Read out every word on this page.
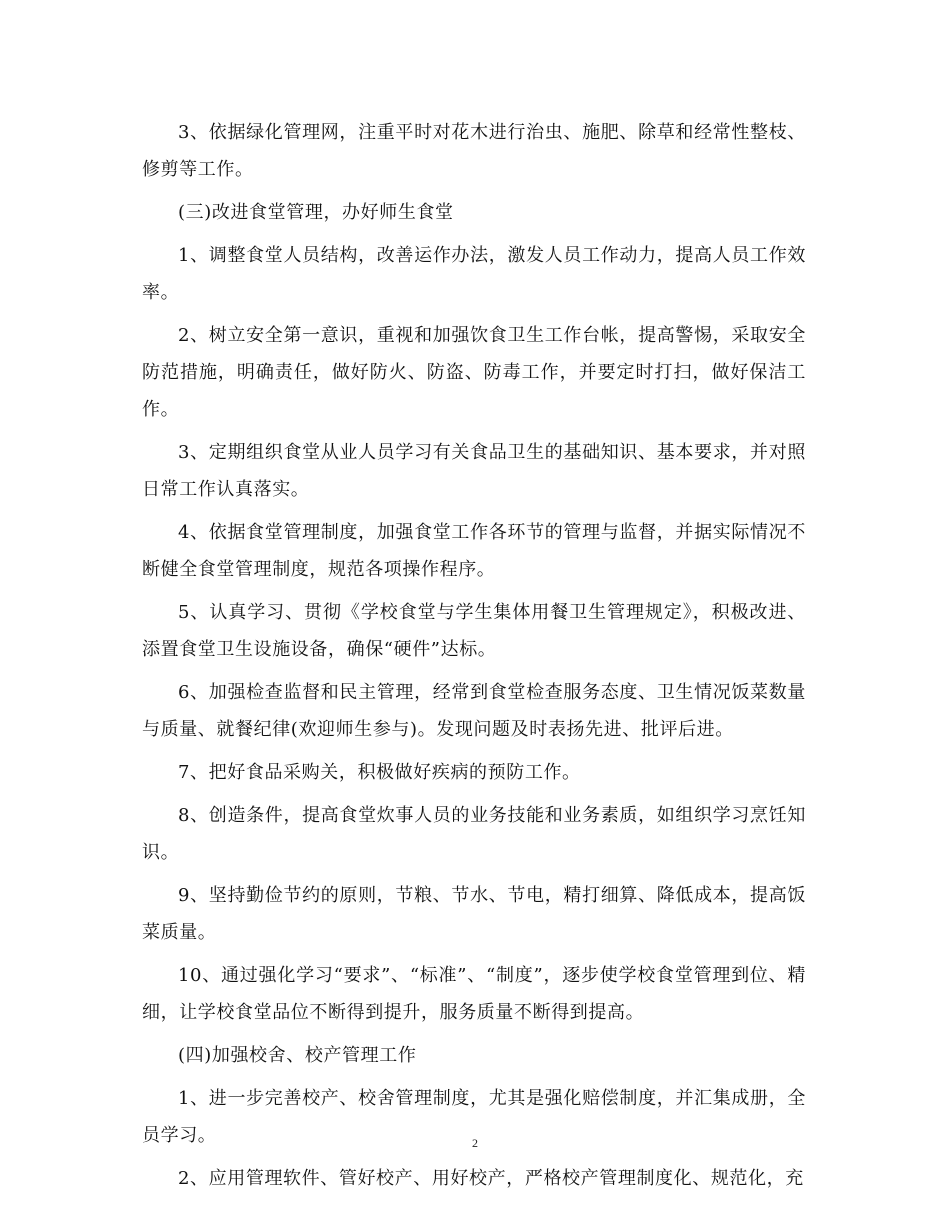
3、依据绿化管理网，注重平时对花木进行治虫、施肥、除草和经常性整枝、修剪等工作。

(三)改进食堂管理，办好师生食堂

1、调整食堂人员结构，改善运作办法，激发人员工作动力，提高人员工作效率。

2、树立安全第一意识，重视和加强饮食卫生工作台帐，提高警惕，采取安全防范措施，明确责任，做好防火、防盗、防毒工作，并要定时打扫，做好保洁工作。

3、定期组织食堂从业人员学习有关食品卫生的基础知识、基本要求，并对照日常工作认真落实。

4、依据食堂管理制度，加强食堂工作各环节的管理与监督，并据实际情况不断健全食堂管理制度，规范各项操作程序。

5、认真学习、贯彻《学校食堂与学生集体用餐卫生管理规定》，积极改进、添置食堂卫生设施设备，确保“硬件”达标。

6、加强检查监督和民主管理，经常到食堂检查服务态度、卫生情况饭菜数量与质量、就餐纪律(欢迎师生参与)。发现问题及时表扬先进、批评后进。

7、把好食品采购关，积极做好疾病的预防工作。

8、创造条件，提高食堂炊事人员的业务技能和业务素质，如组织学习烹饪知识。

9、坚持勤俭节约的原则，节粮、节水、节电，精打细算、降低成本，提高饭菜质量。

10、通过强化学习“要求”、“标准”、“制度”，逐步使学校食堂管理到位、精细，让学校食堂品位不断得到提升，服务质量不断得到提高。

(四)加强校舍、校产管理工作

1、进一步完善校产、校舍管理制度，尤其是强化赔偿制度，并汇集成册，全员学习。

2、应用管理软件、管好校产、用好校产，严格校产管理制度化、规范化，充

2
